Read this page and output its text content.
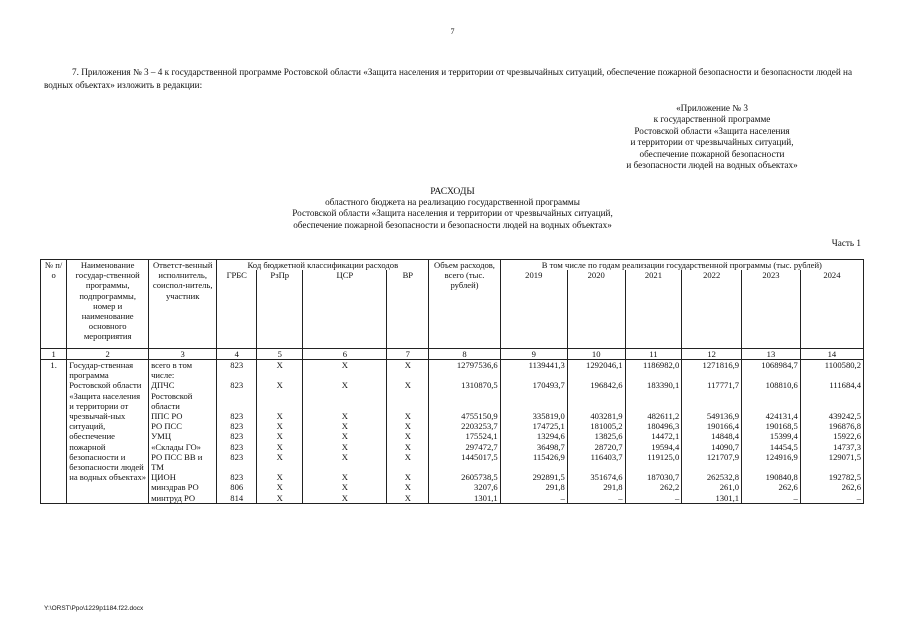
7
7. Приложения № 3 – 4 к государственной программе Ростовской области «Защита населения и территории от чрезвычайных ситуаций, обеспечение пожарной безопасности и безопасности людей на водных объектах» изложить в редакции:
«Приложение № 3
к государственной программе
Ростовской области «Защита населения
и территории от чрезвычайных ситуаций,
обеспечение пожарной безопасности
и безопасности людей на водных объектах»
РАСХОДЫ
областного бюджета на реализацию государственной программы
Ростовской области «Защита населения и территории от чрезвычайных ситуаций,
обеспечение пожарной безопасности и безопасности людей на водных объектах»
Часть 1
№ п/о	Наименование государ-ственной программы, подпрограммы, номер и наименование основного мероприятия	Ответст-венный исполнитель, соиспол-нитель, участник	Код бюджетной классификации расходов				Объем расходов, всего (тыс. рублей)	В том числе по годам реализации государственной программы (тыс. рублей)					
			ГРБС	РзПр	ЦСР	ВР		2019	2020	2021	2022	2023	2024
1	2	3	4	5	6	7	8	9	10	11	12	13	14
1.	Государ-ственная программа Ростовской области «Защита населения и территории от чрезвычай-ных ситуаций, обеспечение пожарной безопасности и безопасности людей на водных объектах»	всего в том числе:	823	Х	Х	Х	12797536,6	1139441,3	1292046,1	1186982,0	1271816,9	1068984,7	1100580,2
		ДПЧС Ростовской области	823	Х	Х	Х	1310870,5	170493,7	196842,6	183390,1	117771,7	108810,6	111684,4
		ППС РО	823	Х	Х	Х	4755150,9	335819,0	403281,9	482611,2	549136,9	424131,4	439242,5
		РО ПСС	823	Х	Х	Х	2203253,7	174725,1	181005,2	180496,3	190166,4	190168,5	196876,8
		УМЦ	823	Х	Х	Х	175524,1	13294,6	13825,6	14472,1	14848,4	15399,4	15922,6
		«Склады ГО»	823	Х	Х	Х	297472,7	36498,7	28720,7	19594,4	14090,7	14454,5	14737,3
		РО ПСС ВВ и ТМ	823	Х	Х	Х	1445017,5	115426,9	116403,7	119125,0	121707,9	124916,9	129071,5
		ЦИОН	823	Х	Х	Х	2605738,5	292891,5	351674,6	187030,7	262532,8	190840,8	192782,5
		минздрав РО	806	Х	Х	Х	3207,6	291,8	291,8	262,2	261,0	262,6	262,6
		минтруд РО	814	Х	Х	Х	1301,1	–	–	–	1301,1	–	–
Y:\ORST\Ppo\1229p1184.f22.docx
